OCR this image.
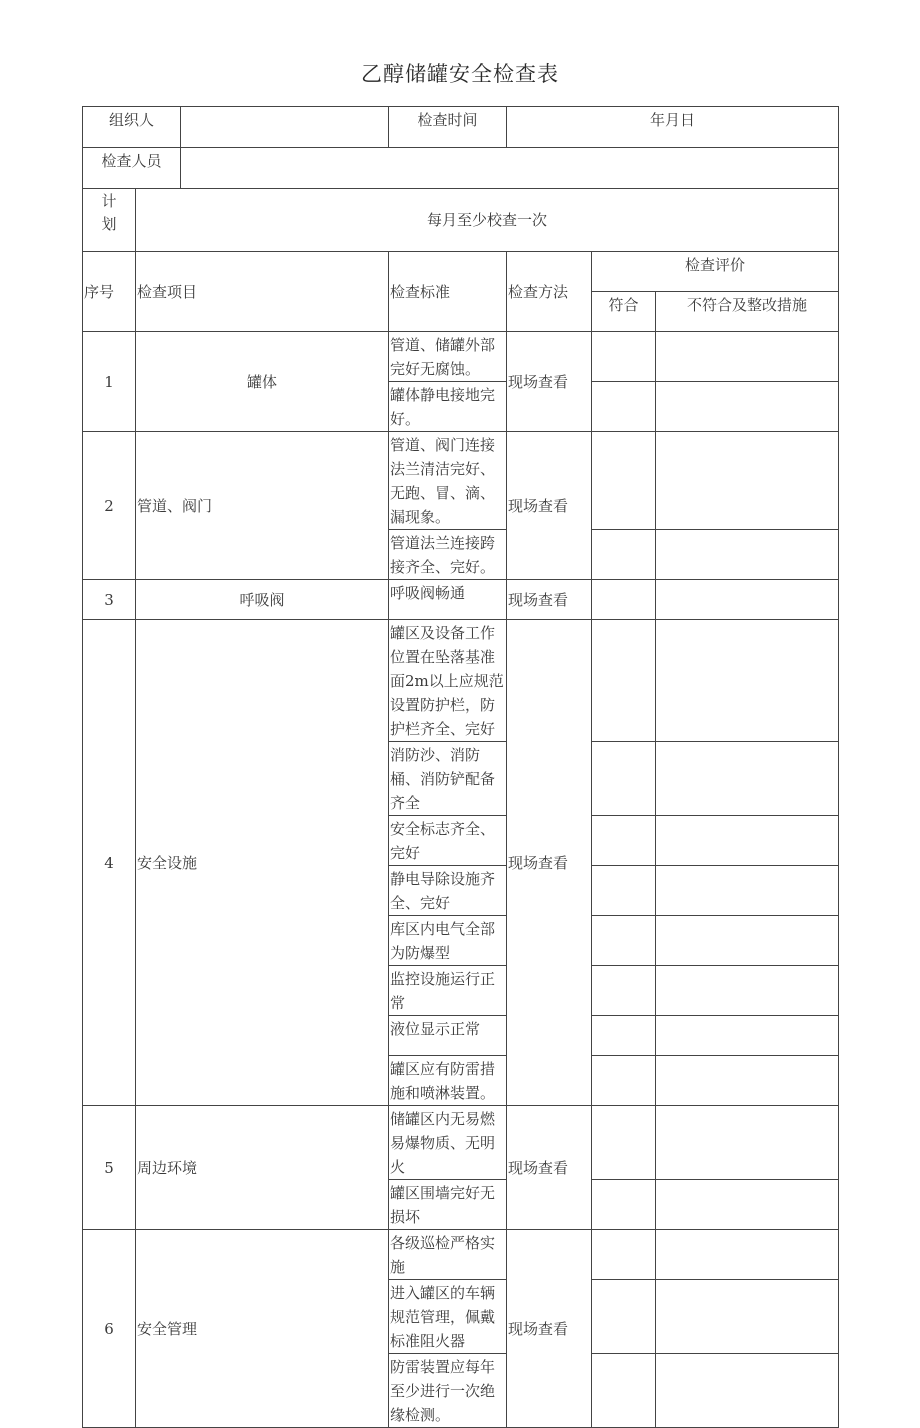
乙醇储罐安全检查表
组织人			检查时间	年月日		
检查人员						

计划	每月至少校查一次					
序号	检查项目		检查标准	检查方法	检查评价	
					符合	不符合及整改措施
1	罐体		管道、储罐外部完好无腐蚀。	现场查看		
			罐体静电接地完好。			
2	管道、阀门		管道、阀门连接法兰清洁完好、无跑、冒、滴、漏现象。	现场查看		
			管道法兰连接跨接齐全、完好。			
3	呼吸阀		呼吸阀畅通	现场查看		
4	安全设施		罐区及设备工作位置在坠落基准面2m以上应规范设置防护栏，防护栏齐全、完好	现场查看		
			消防沙、消防桶、消防铲配备齐全			
			安全标志齐全、完好			
			静电导除设施齐全、完好			
			库区内电气全部为防爆型			
			监控设施运行正常			
			液位显示正常			
			罐区应有防雷措施和喷淋装置。			
5	周边环境		储罐区内无易燃易爆物质、无明火	现场查看		
			罐区围墙完好无损坏			
6	安全管理		各级巡检严格实施	现场查看		
			进入罐区的车辆规范管理，佩戴标准阻火器			
			防雷装置应每年至少进行一次绝缘检测。			
